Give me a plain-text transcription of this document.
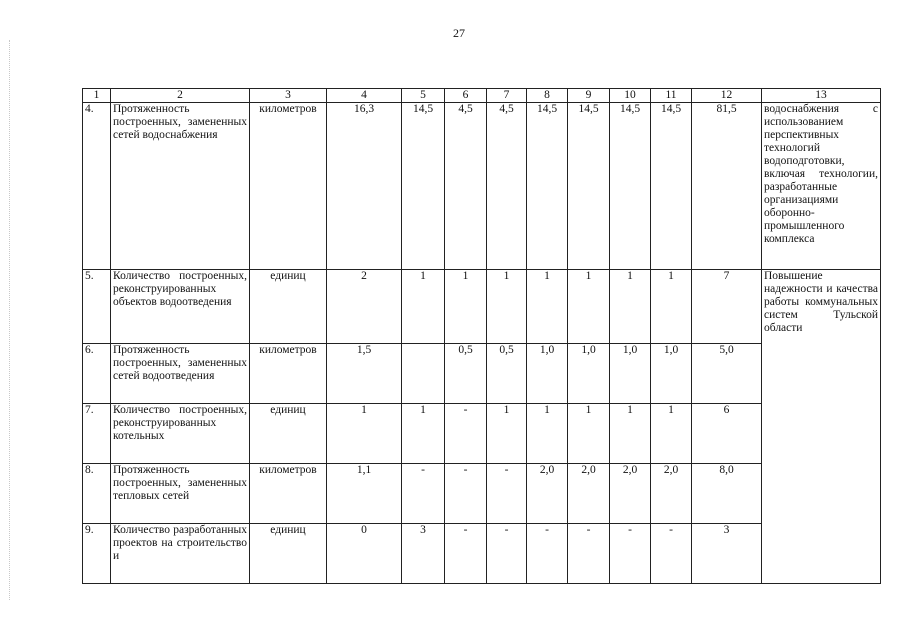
27
1	2	3	4	5	6	7	8	9	10	11	12	13
4.	Протяженность построенных, замененных сетей водоснабжения	километров	16,3	14,5	4,5	4,5	14,5	14,5	14,5	14,5	81,5	водоснабжения с использованием перспективных технологий водоподготовки, включая технологии, разработанные организациями оборонно-промышленного комплекса
5.	Количество построенных, реконструированных объектов водоотведения	единиц	2	1	1	1	1	1	1	1	7	Повышение надежности и качества работы коммунальных систем Тульской области
6.	Протяженность построенных, замененных сетей водоотведения	километров	1,5		0,5	0,5	1,0	1,0	1,0	1,0	5,0	
7.	Количество построенных, реконструированных котельных	единиц	1	1	-	1	1	1	1	1	6	
8.	Протяженность построенных, замененных тепловых сетей	километров	1,1	-	-	-	2,0	2,0	2,0	2,0	8,0	
9.	Количество разработанных проектов на строительство и	единиц	0	3	-	-	-	-	-	-	3	
